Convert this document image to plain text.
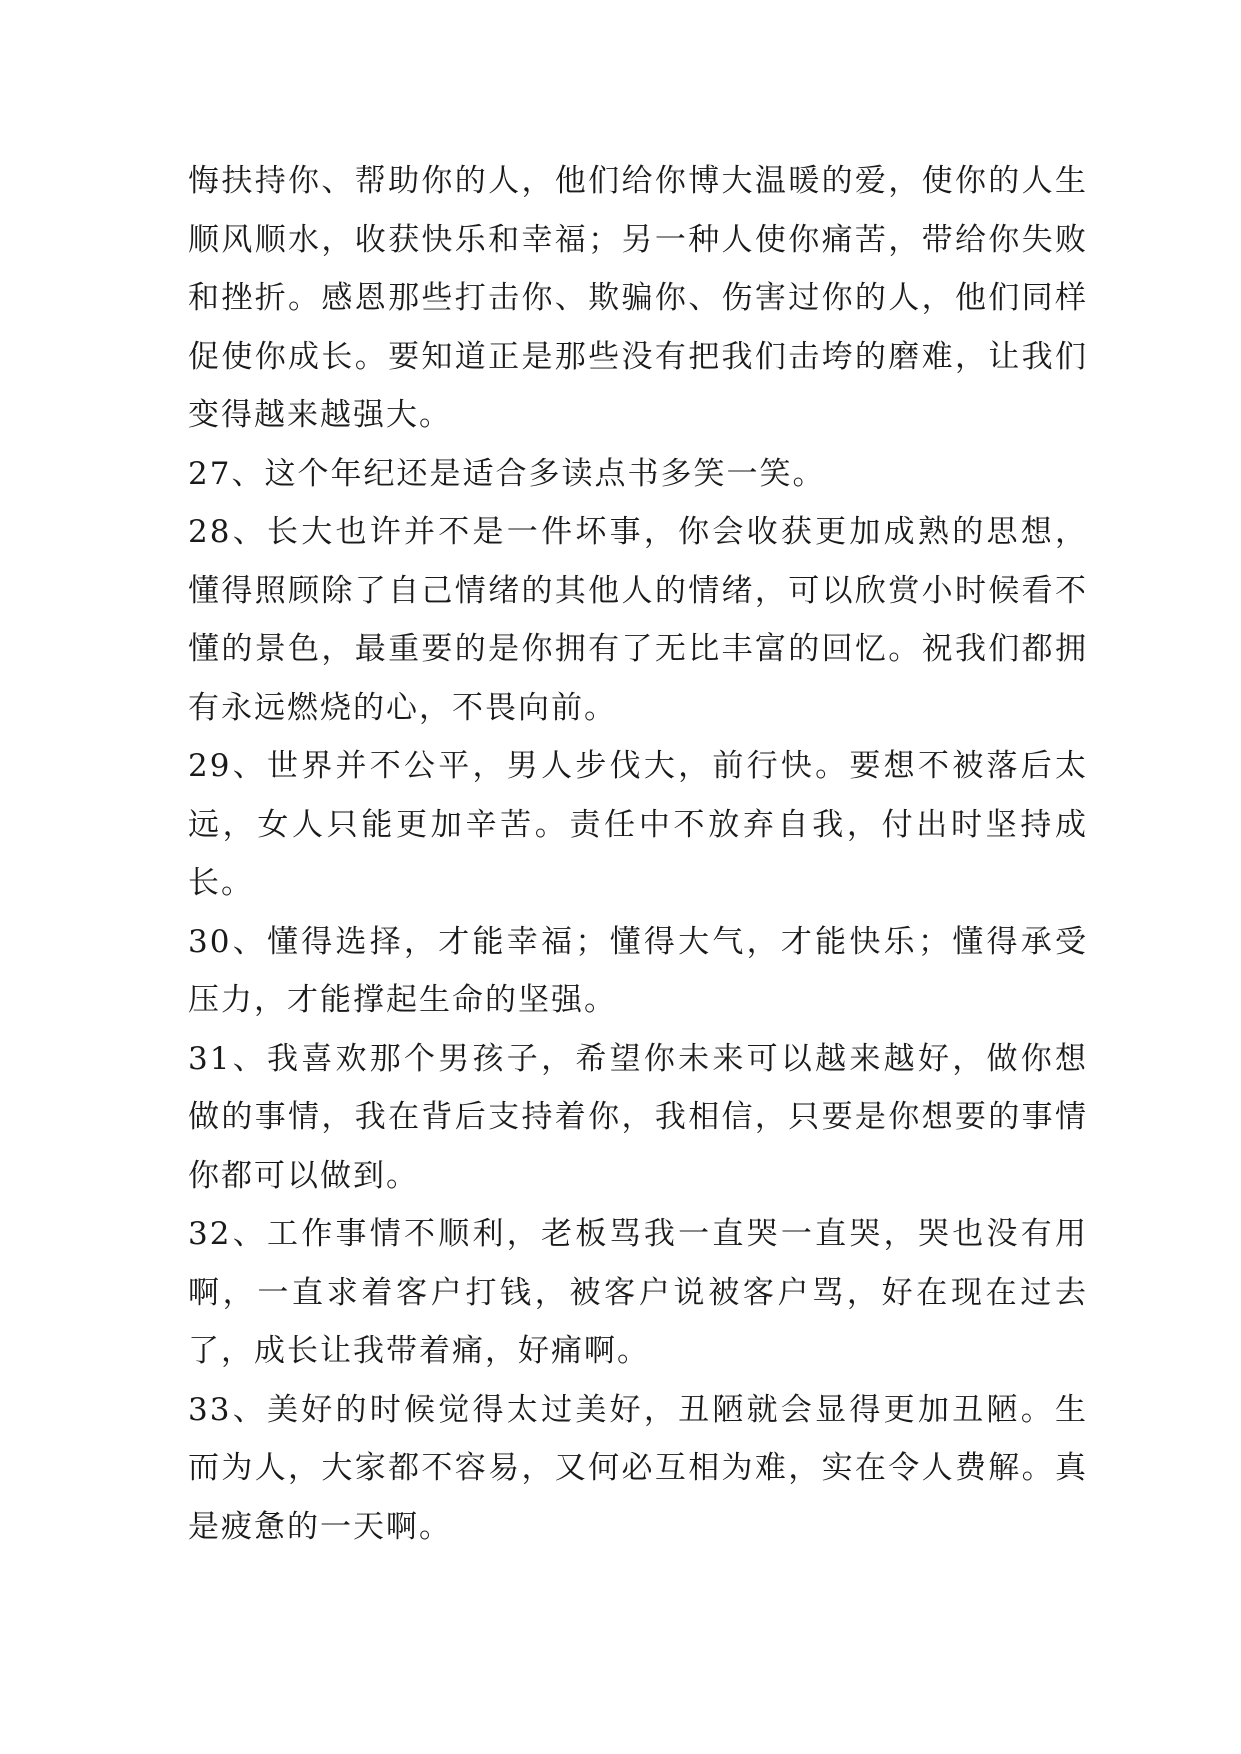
悔扶持你、帮助你的人，他们给你博大温暖的爱，使你的人生顺风顺水，收获快乐和幸福；另一种人使你痛苦，带给你失败和挫折。感恩那些打击你、欺骗你、伤害过你的人，他们同样促使你成长。要知道正是那些没有把我们击垮的磨难，让我们变得越来越强大。

27、这个年纪还是适合多读点书多笑一笑。

28、长大也许并不是一件坏事，你会收获更加成熟的思想，懂得照顾除了自己情绪的其他人的情绪，可以欣赏小时候看不懂的景色，最重要的是你拥有了无比丰富的回忆。祝我们都拥有永远燃烧的心，不畏向前。

29、世界并不公平，男人步伐大，前行快。要想不被落后太远，女人只能更加辛苦。责任中不放弃自我，付出时坚持成长。

30、懂得选择，才能幸福；懂得大气，才能快乐；懂得承受压力，才能撑起生命的坚强。

31、我喜欢那个男孩子，希望你未来可以越来越好，做你想做的事情，我在背后支持着你，我相信，只要是你想要的事情你都可以做到。

32、工作事情不顺利，老板骂我一直哭一直哭，哭也没有用啊，一直求着客户打钱，被客户说被客户骂，好在现在过去了，成长让我带着痛，好痛啊。

33、美好的时候觉得太过美好，丑陋就会显得更加丑陋。生而为人，大家都不容易，又何必互相为难，实在令人费解。真是疲惫的一天啊。
